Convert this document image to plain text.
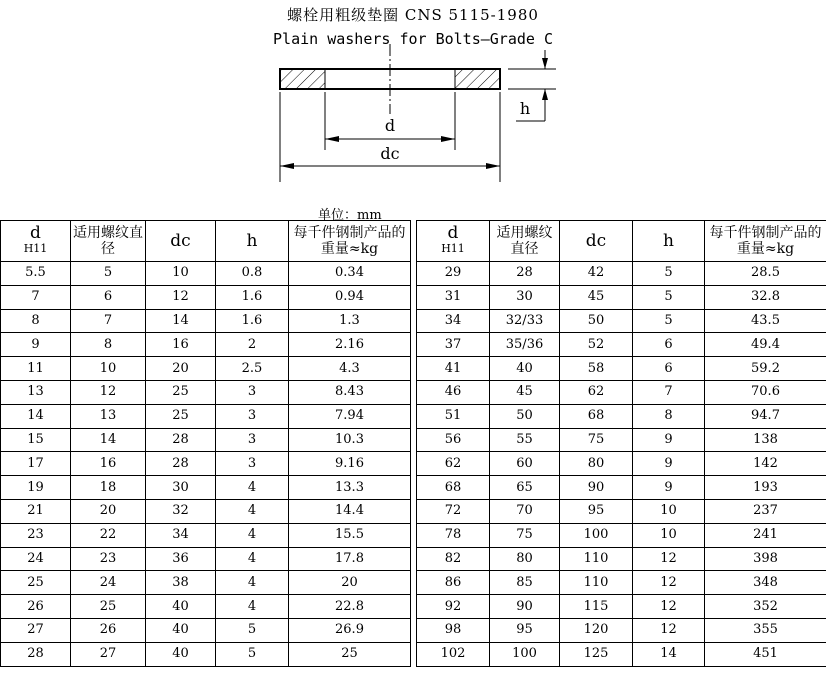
螺栓用粗级垫圈 CNS 5115-1980
Plain washers for Bolts—Grade C
d
dc
h
单位：mm
d
H11	适用螺纹直径	dc	h	每千件钢制产品的重量≈kg
5.5	5	10	0.8	0.34
7	6	12	1.6	0.94
8	7	14	1.6	1.3
9	8	16	2	2.16
11	10	20	2.5	4.3
13	12	25	3	8.43
14	13	25	3	7.94
15	14	28	3	10.3
17	16	28	3	9.16
19	18	30	4	13.3
21	20	32	4	14.4
23	22	34	4	15.5
24	23	36	4	17.8
25	24	38	4	20
26	25	40	4	22.8
27	26	40	5	26.9
28	27	40	5	25
d
H11	适用螺纹直径	dc	h	每千件钢制产品的重量≈kg
29	28	42	5	28.5
31	30	45	5	32.8
34	32/33	50	5	43.5
37	35/36	52	6	49.4
41	40	58	6	59.2
46	45	62	7	70.6
51	50	68	8	94.7
56	55	75	9	138
62	60	80	9	142
68	65	90	9	193
72	70	95	10	237
78	75	100	10	241
82	80	110	12	398
86	85	110	12	348
92	90	115	12	352
98	95	120	12	355
102	100	125	14	451
